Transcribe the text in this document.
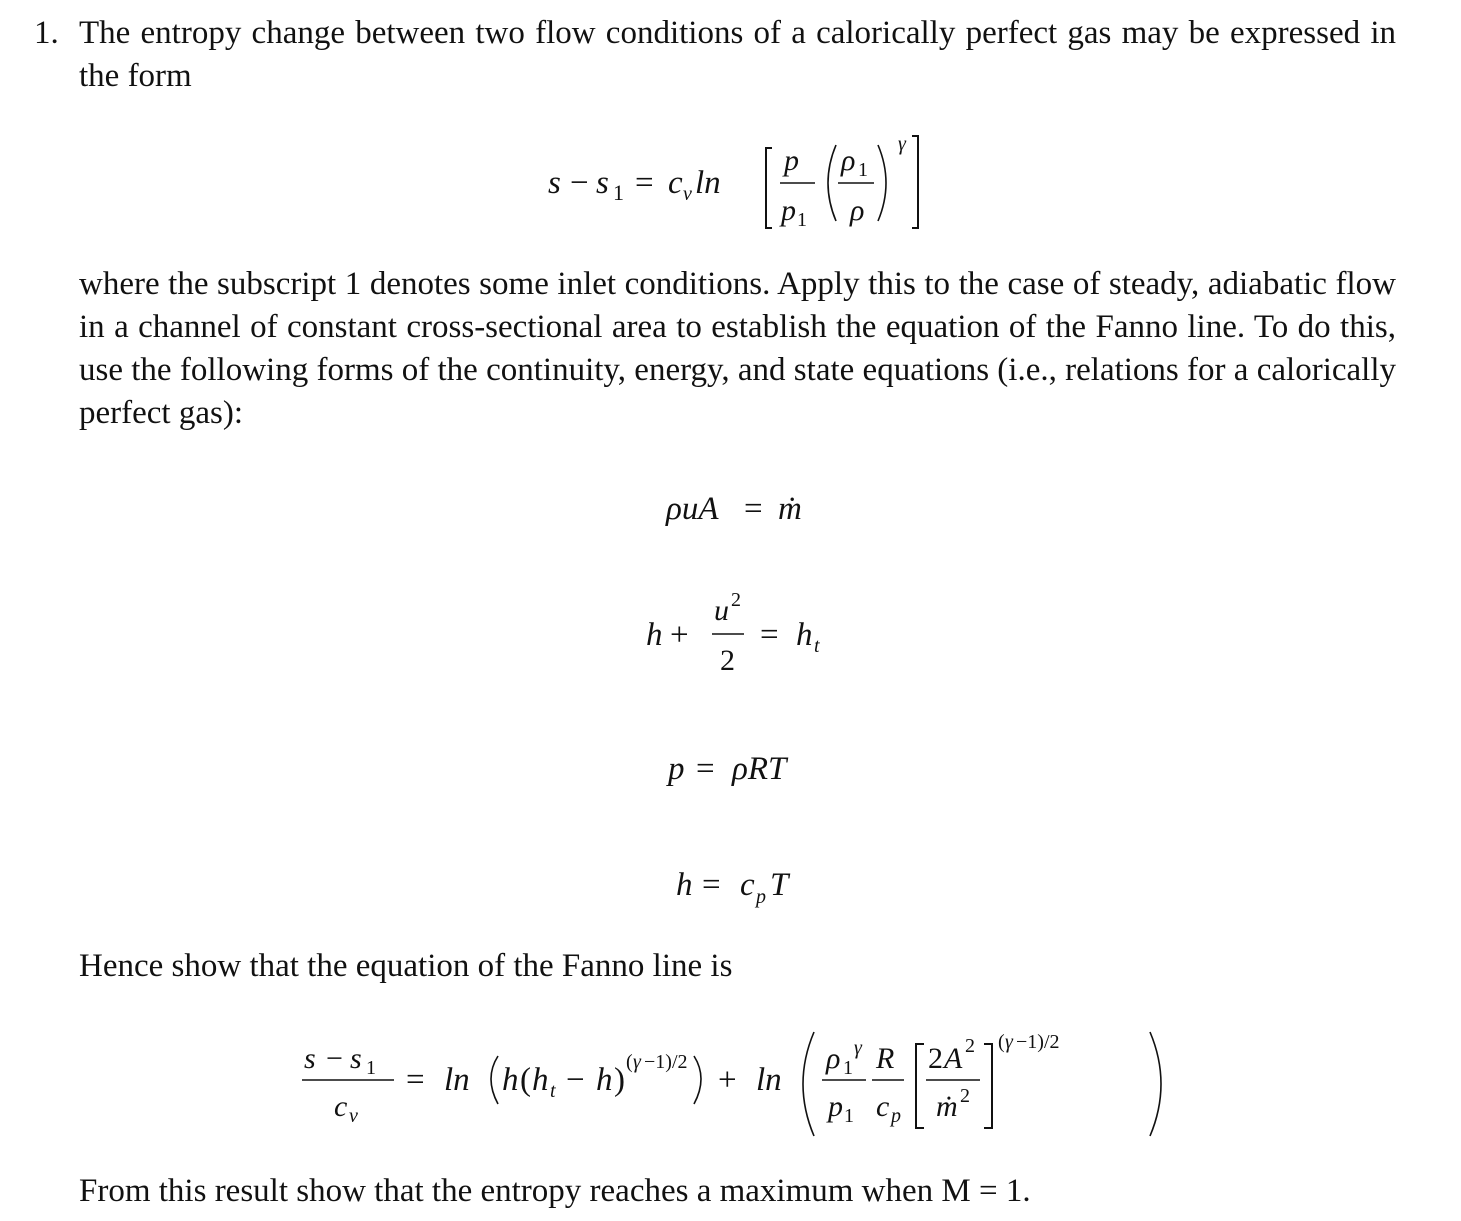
1. The entropy change between two flow conditions of a calorically perfect gas may be expressed in the form
s − s 1 = c v ln
p
p 1
ρ 1
ρ
γ
where the subscript 1 denotes some inlet conditions. Apply this to the case of steady, adiabatic flow in a channel of constant cross-sectional area to establish the equation of the Fanno line. To do this, use the following forms of the continuity, energy, and state equations (i.e., relations for a calorically perfect gas):
ρuA = ṁ
h +
u 2
2
= h t
p = ρRT
h = c p T
Hence show that the equation of the Fanno line is
s − s 1
c v
= ln h ( h t − h ) ( γ −1)/2 + ln
ρ 1
γ
p 1
R
c p
2 A 2
ṁ 2
( γ −1)/2
From this result show that the entropy reaches a maximum when M = 1.
